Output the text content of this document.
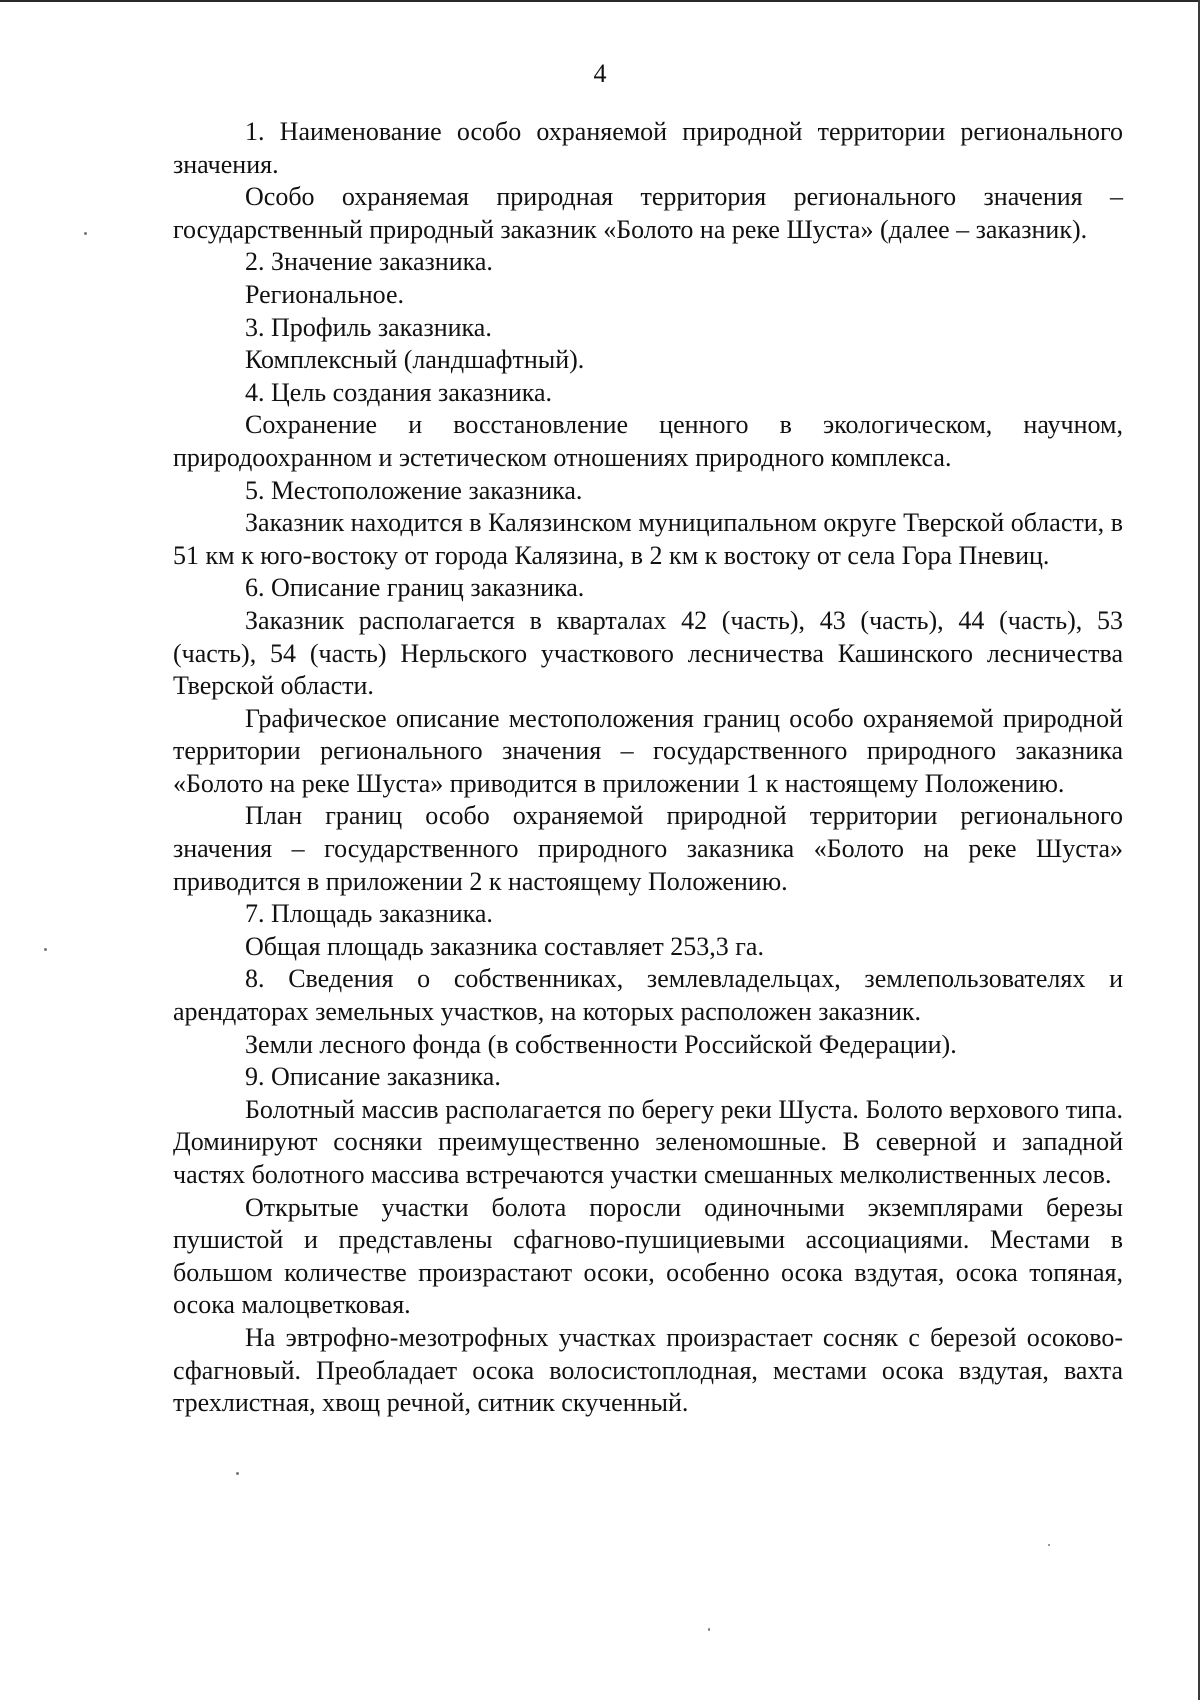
4

1. Наименование особо охраняемой природной территории регионального значения.

Особо охраняемая природная территория регионального значения – государственный природный заказник «Болото на реке Шуста» (далее – заказник).

2. Значение заказника.

Региональное.

3. Профиль заказника.

Комплексный (ландшафтный).

4. Цель создания заказника.

Сохранение и восстановление ценного в экологическом, научном, природоохранном и эстетическом отношениях природного комплекса.

5. Местоположение заказника.

Заказник находится в Калязинском муниципальном округе Тверской области, в 51 км к юго-востоку от города Калязина, в 2 км к востоку от села Гора Пневиц.

6. Описание границ заказника.

Заказник располагается в кварталах 42 (часть), 43 (часть), 44 (часть), 53 (часть), 54 (часть) Нерльского участкового лесничества Кашинского лесничества Тверской области.

Графическое описание местоположения границ особо охраняемой природной территории регионального значения – государственного природного заказника «Болото на реке Шуста» приводится в приложении 1 к настоящему Положению.

План границ особо охраняемой природной территории регионального значения – государственного природного заказника «Болото на реке Шуста» приводится в приложении 2 к настоящему Положению.

7. Площадь заказника.

Общая площадь заказника составляет 253,3 га.

8. Сведения о собственниках, землевладельцах, землепользователях и арендаторах земельных участков, на которых расположен заказник.

Земли лесного фонда (в собственности Российской Федерации).

9. Описание заказника.

Болотный массив располагается по берегу реки Шуста. Болото верхового типа. Доминируют сосняки преимущественно зеленомошные. В северной и западной частях болотного массива встречаются участки смешанных мелколиственных лесов.

Открытые участки болота поросли одиночными экземплярами березы пушистой и представлены сфагново-пушициевыми ассоциациями. Местами в большом количестве произрастают осоки, особенно осока вздутая, осока топяная, осока малоцветковая.

На эвтрофно-мезотрофных участках произрастает сосняк с березой осоково-сфагновый. Преобладает осока волосистоплодная, местами осока вздутая, вахта трехлистная, хвощ речной, ситник скученный.
